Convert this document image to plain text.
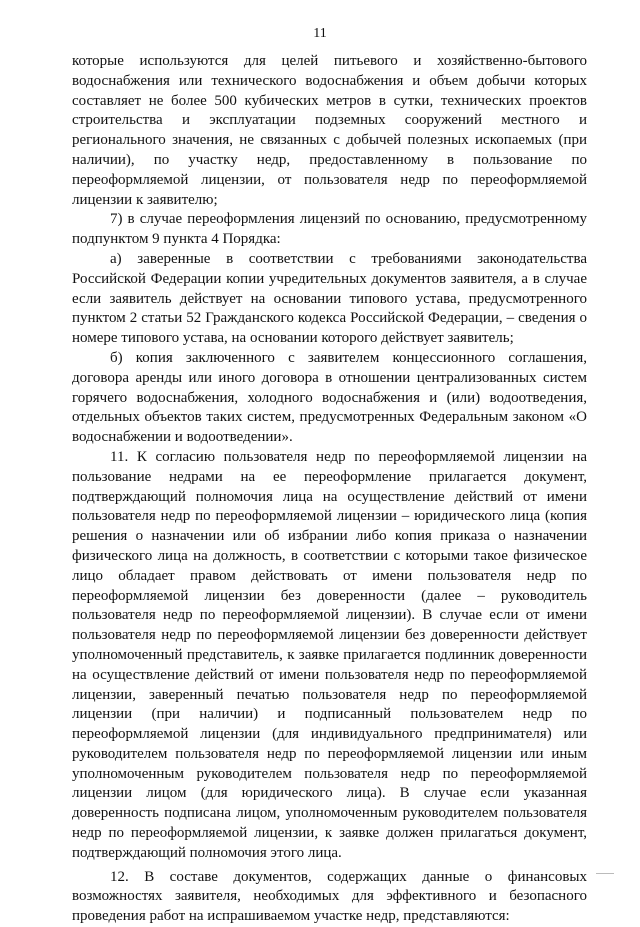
11

которые используются для целей питьевого и хозяйственно-бытового водоснабжения или технического водоснабжения и объем добычи которых составляет не более 500 кубических метров в сутки, технических проектов строительства и эксплуатации подземных сооружений местного и регионального значения, не связанных с добычей полезных ископаемых (при наличии), по участку недр, предоставленному в пользование по переоформляемой лицензии, от пользователя недр по переоформляемой лицензии к заявителю;

7) в случае переоформления лицензий по основанию, предусмотренному подпунктом 9 пункта 4 Порядка:

а) заверенные в соответствии с требованиями законодательства Российской Федерации копии учредительных документов заявителя, а в случае если заявитель действует на основании типового устава, предусмотренного пунктом 2 статьи 52 Гражданского кодекса Российской Федерации, – сведения о номере типового устава, на основании которого действует заявитель;

б) копия заключенного с заявителем концессионного соглашения, договора аренды или иного договора в отношении централизованных систем горячего водоснабжения, холодного водоснабжения и (или) водоотведения, отдельных объектов таких систем, предусмотренных Федеральным законом «О водоснабжении и водоотведении».

11. К согласию пользователя недр по переоформляемой лицензии на пользование недрами на ее переоформление прилагается документ, подтверждающий полномочия лица на осуществление действий от имени пользователя недр по переоформляемой лицензии – юридического лица (копия решения о назначении или об избрании либо копия приказа о назначении физического лица на должность, в соответствии с которыми такое физическое лицо обладает правом действовать от имени пользователя недр по переоформляемой лицензии без доверенности (далее – руководитель пользователя недр по переоформляемой лицензии). В случае если от имени пользователя недр по переоформляемой лицензии без доверенности действует уполномоченный представитель, к заявке прилагается подлинник доверенности на осуществление действий от имени пользователя недр по переоформляемой лицензии, заверенный печатью пользователя недр по переоформляемой лицензии (при наличии) и подписанный пользователем недр по переоформляемой лицензии (для индивидуального предпринимателя) или руководителем пользователя недр по переоформляемой лицензии или иным уполномоченным руководителем пользователя недр по переоформляемой лицензии лицом (для юридического лица). В случае если указанная доверенность подписана лицом, уполномоченным руководителем пользователя недр по переоформляемой лицензии, к заявке должен прилагаться документ, подтверждающий полномочия этого лица.

12. В составе документов, содержащих данные о финансовых возможностях заявителя, необходимых для эффективного и безопасного проведения работ на испрашиваемом участке недр, представляются:
